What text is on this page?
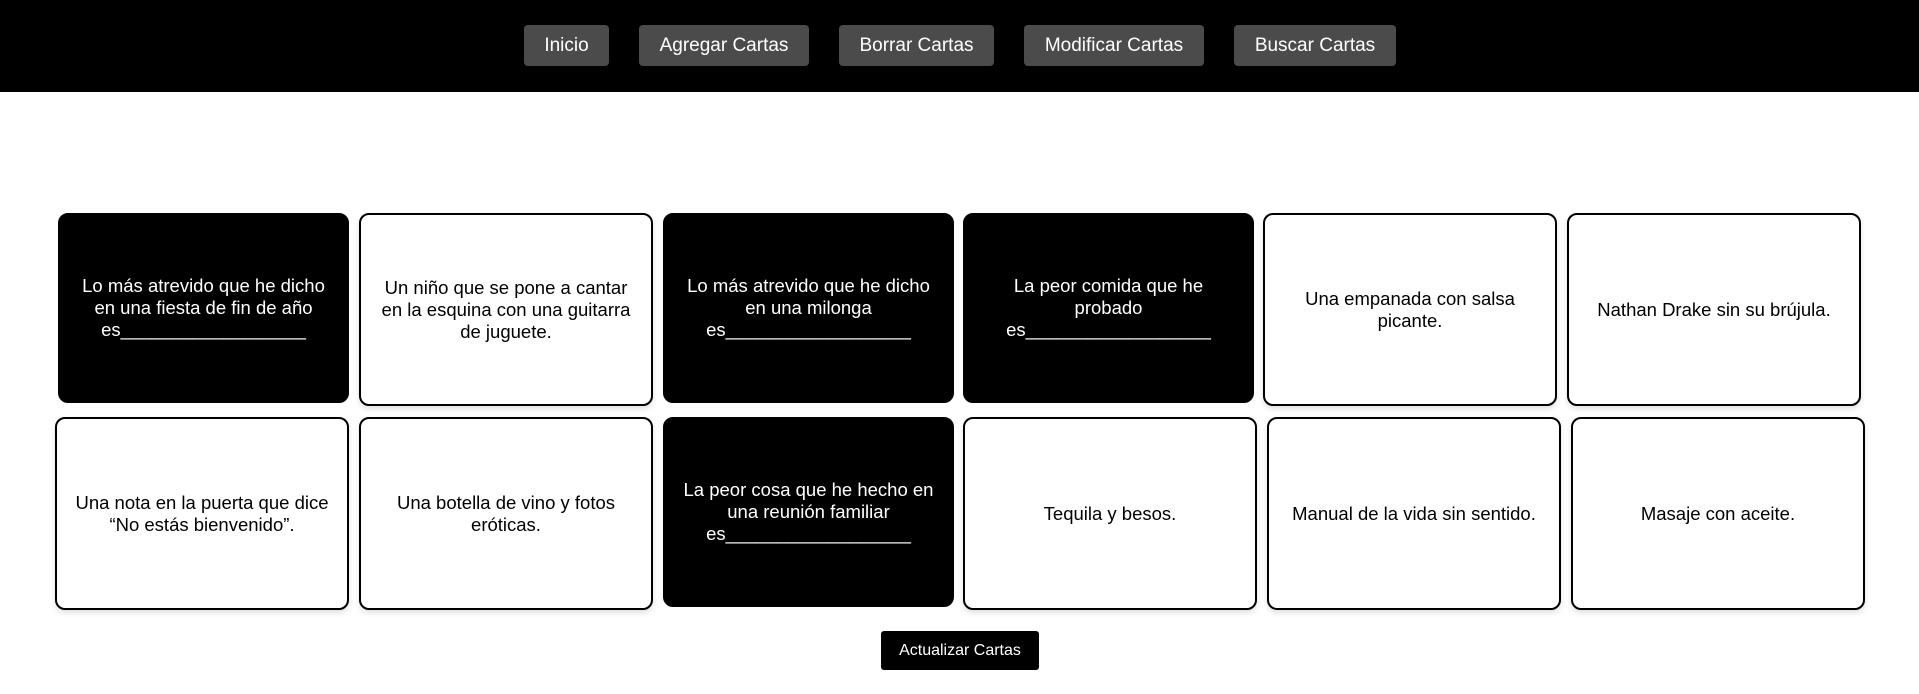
Inicio	Agregar Cartas	Borrar Cartas	Modificar Cartas	Buscar Cartas
Lo más atrevido que he dicho en una fiesta de fin de año es__________________
Un niño que se pone a cantar en la esquina con una guitarra de juguete.
Lo más atrevido que he dicho en una milonga es__________________
La peor comida que he probado es__________________
Una empanada con salsa picante.
Nathan Drake sin su brújula.
Una nota en la puerta que dice “No estás bienvenido”.
Una botella de vino y fotos eróticas.
La peor cosa que he hecho en una reunión familiar es__________________
Tequila y besos.	Manual de la vida sin sentido.	Masaje con aceite.
Actualizar Cartas
